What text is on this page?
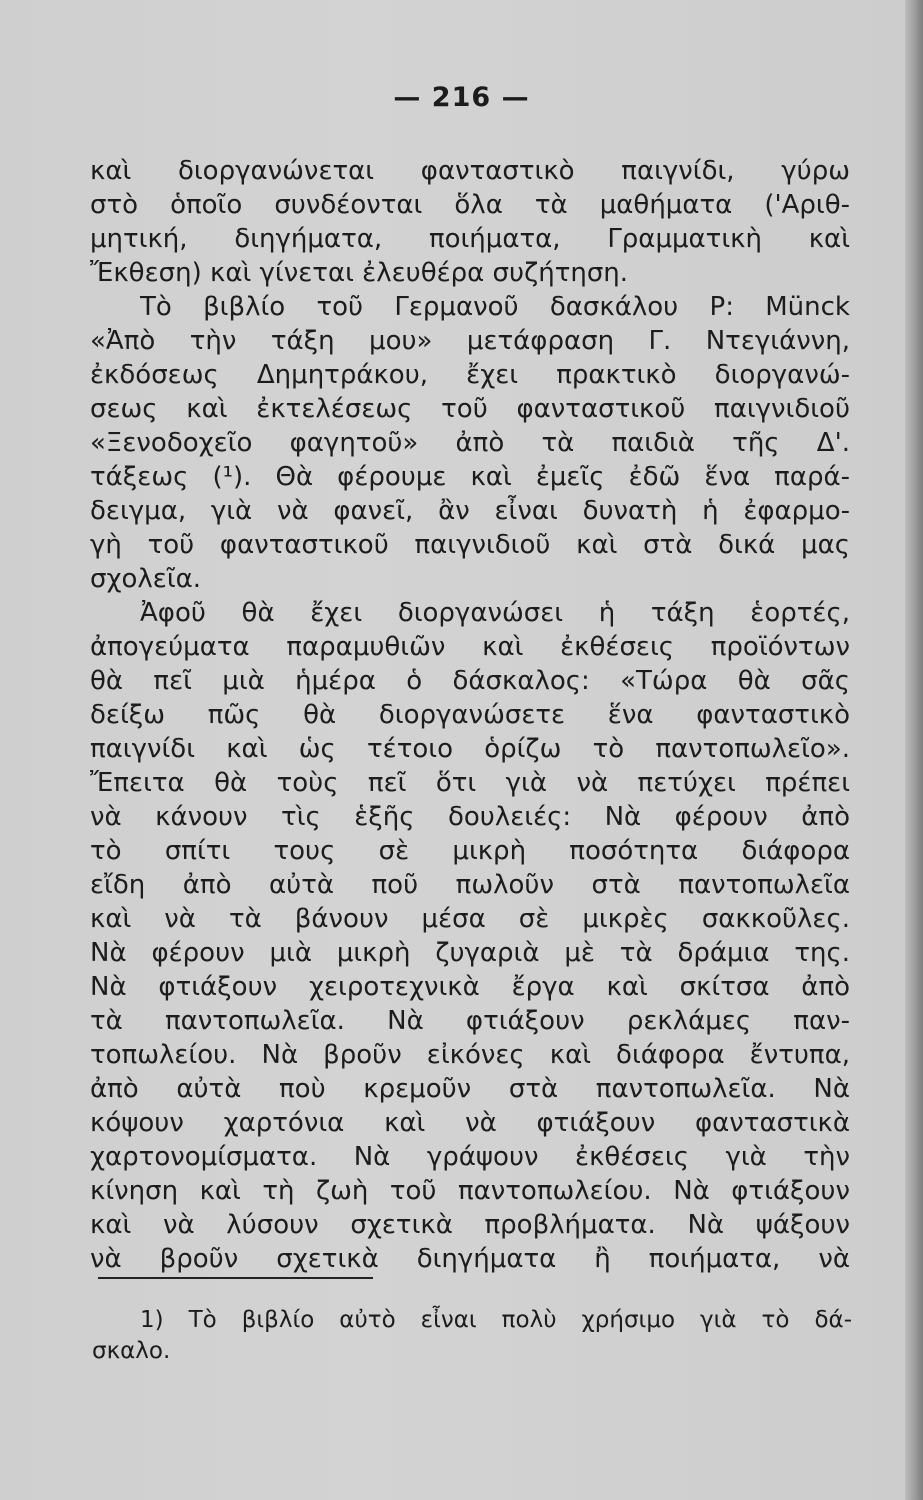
— 216 —
καὶ διοργανώνεται φανταστικὸ παιγνίδι, γύρω
στὸ ὁποῖο συνδέονται ὅλα τὰ μαθήματα ('Αριθ-
μητική, διηγήματα, ποιήματα, Γραμματικὴ καὶ
Ἔκθεση) καὶ γίνεται ἐλευθέρα συζήτηση.
Τὸ βιβλίο τοῦ Γερμανοῦ δασκάλου P: Münck
«Ἀπὸ τὴν τάξη μου» μετάφραση Γ. Ντεγιάννη,
ἐκδόσεως Δημητράκου, ἔχει πρακτικὸ διοργανώ-
σεως καὶ ἐκτελέσεως τοῦ φανταστικοῦ παιγνιδιοῦ
«Ξενοδοχεῖο φαγητοῦ» ἀπὸ τὰ παιδιὰ τῆς Δ'.
τάξεως (¹). Θὰ φέρουμε καὶ ἐμεῖς ἐδῶ ἕνα παρά-
δειγμα, γιὰ νὰ φανεῖ, ἂν εἶναι δυνατὴ ἡ ἐφαρμο-
γὴ τοῦ φανταστικοῦ παιγνιδιοῦ καὶ στὰ δικά μας
σχολεῖα.
Ἀφοῦ θὰ ἔχει διοργανώσει ἡ τάξη ἑορτές,
ἀπογεύματα παραμυθιῶν καὶ ἐκθέσεις προϊόντων
θὰ πεῖ μιὰ ἡμέρα ὁ δάσκαλος: «Τώρα θὰ σᾶς
δείξω πῶς θὰ διοργανώσετε ἕνα φανταστικὸ
παιγνίδι καὶ ὡς τέτοιο ὁρίζω τὸ παντοπωλεῖο».
Ἔπειτα θὰ τοὺς πεῖ ὅτι γιὰ νὰ πετύχει πρέπει
νὰ κάνουν τὶς ἑξῆς δουλειές: Νὰ φέρουν ἀπὸ
τὸ σπίτι τους σὲ μικρὴ ποσότητα διάφορα
εἴδη ἀπὸ αὐτὰ ποῦ πωλοῦν στὰ παντοπωλεῖα
καὶ νὰ τὰ βάνουν μέσα σὲ μικρὲς σακκοῦλες.
Νὰ φέρουν μιὰ μικρὴ ζυγαριὰ μὲ τὰ δράμια της.
Νὰ φτιάξουν χειροτεχνικὰ ἔργα καὶ σκίτσα ἀπὸ
τὰ παντοπωλεῖα. Νὰ φτιάξουν ρεκλάμες παν-
τοπωλείου. Νὰ βροῦν εἰκόνες καὶ διάφορα ἔντυπα,
ἀπὸ αὐτὰ ποὺ κρεμοῦν στὰ παντοπωλεῖα. Νὰ
κόψουν χαρτόνια καὶ νὰ φτιάξουν φανταστικὰ
χαρτονομίσματα. Νὰ γράψουν ἐκθέσεις γιὰ τὴν
κίνηση καὶ τὴ ζωὴ τοῦ παντοπωλείου. Νὰ φτιάξουν
καὶ νὰ λύσουν σχετικὰ προβλήματα. Νὰ ψάξουν
νὰ βροῦν σχετικὰ διηγήματα ἢ ποιήματα, νὰ
1) Τὸ βιβλίο αὐτὸ εἶναι πολὺ χρήσιμο γιὰ τὸ δά-
σκαλο.
